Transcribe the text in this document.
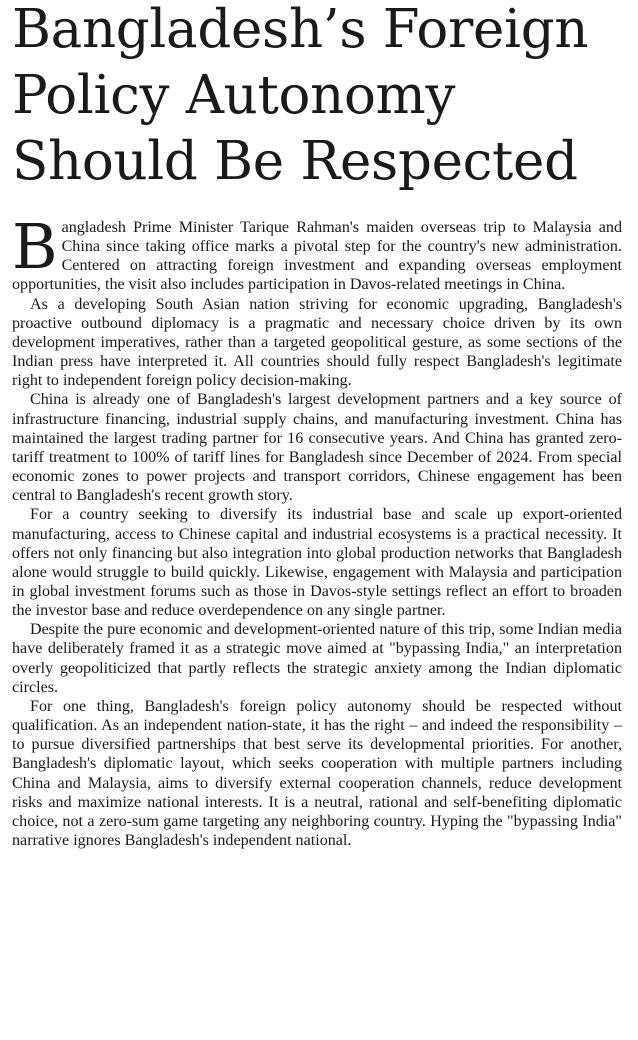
Bangladesh’s Foreign
Policy Autonomy
Should Be Respected

Bangladesh Prime Minister Tarique Rahman's maiden overseas trip to Malaysia and China since taking office marks a pivotal step for the country's new administration. Centered on attracting foreign investment and expanding overseas employment opportunities, the visit also includes participation in Davos-related meetings in China.

As a developing South Asian nation striving for economic upgrading, Bangladesh's proactive outbound diplomacy is a pragmatic and necessary choice driven by its own development imperatives, rather than a targeted geopolitical gesture, as some sections of the Indian press have interpreted it. All countries should fully respect Bangladesh's legitimate right to independent foreign policy decision-making.

China is already one of Bangladesh's largest development partners and a key source of infrastructure financing, industrial supply chains, and manufacturing investment. China has maintained the largest trading partner for 16 consecutive years. And China has granted zero-tariff treatment to 100% of tariff lines for Bangladesh since December of 2024. From special economic zones to power projects and transport corridors, Chinese engagement has been central to Bangladesh's recent growth story.

For a country seeking to diversify its industrial base and scale up export-oriented manufacturing, access to Chinese capital and industrial ecosystems is a practical necessity. It offers not only financing but also integration into global production networks that Bangladesh alone would struggle to build quickly. Likewise, engagement with Malaysia and participation in global investment forums such as those in Davos-style settings reflect an effort to broaden the investor base and reduce overdependence on any single partner.

Despite the pure economic and development-oriented nature of this trip, some Indian media have deliberately framed it as a strategic move aimed at "bypassing India," an interpretation overly geopoliticized that partly reflects the strategic anxiety among the Indian diplomatic circles.

For one thing, Bangladesh's foreign policy autonomy should be respected without qualification. As an independent nation-state, it has the right – and indeed the responsibility – to pursue diversified partnerships that best serve its developmental priorities. For another, Bangladesh's diplomatic layout, which seeks cooperation with multiple partners including China and Malaysia, aims to diversify external cooperation channels, reduce development risks and maximize national interests. It is a neutral, rational and self-benefiting diplomatic choice, not a zero-sum game targeting any neighboring country. Hyping the "bypassing India" narrative ignores Bangladesh's independent national.
